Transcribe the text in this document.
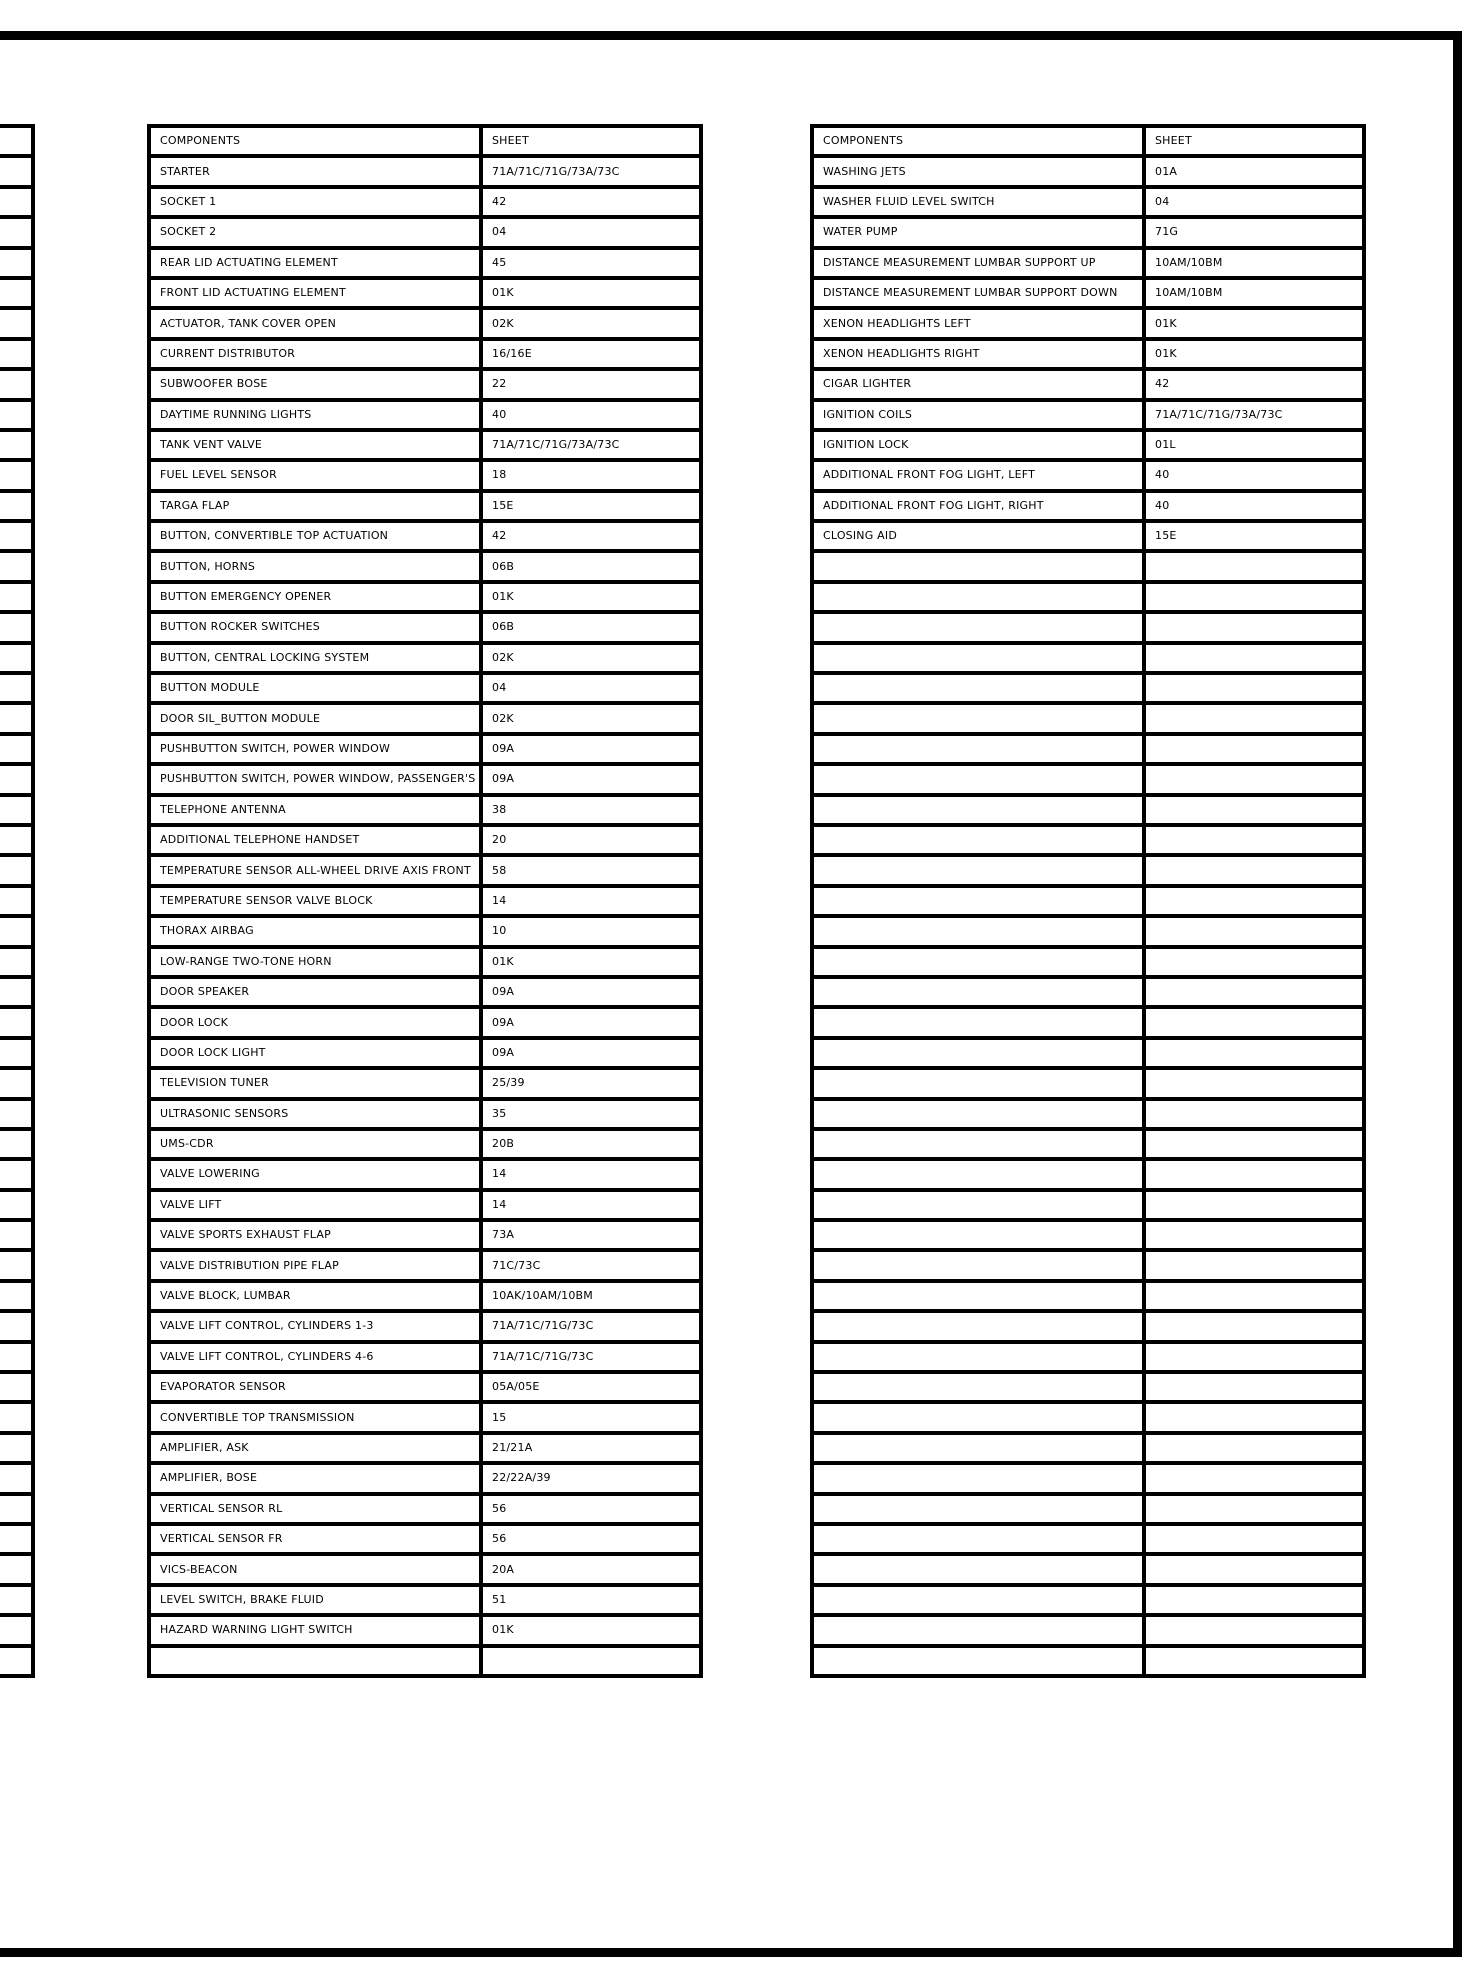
COMPONENTS	SHEET
STARTER	71A/71C/71G/73A/73C
SOCKET 1	42
SOCKET 2	04
REAR LID ACTUATING ELEMENT	45
FRONT LID ACTUATING ELEMENT	01K
ACTUATOR, TANK COVER OPEN	02K
CURRENT DISTRIBUTOR	16/16E
SUBWOOFER BOSE	22
DAYTIME RUNNING LIGHTS	40
TANK VENT VALVE	71A/71C/71G/73A/73C
FUEL LEVEL SENSOR	18
TARGA FLAP	15E
BUTTON, CONVERTIBLE TOP ACTUATION	42
BUTTON, HORNS	06B
BUTTON EMERGENCY OPENER	01K
BUTTON ROCKER SWITCHES	06B
BUTTON, CENTRAL LOCKING SYSTEM	02K
BUTTON MODULE	04
DOOR SIL_BUTTON MODULE	02K
PUSHBUTTON SWITCH, POWER WINDOW	09A
PUSHBUTTON SWITCH, POWER WINDOW, PASSENGER'S	09A
TELEPHONE ANTENNA	38
ADDITIONAL TELEPHONE HANDSET	20
TEMPERATURE SENSOR ALL-WHEEL DRIVE AXIS FRONT	58
TEMPERATURE SENSOR VALVE BLOCK	14
THORAX AIRBAG	10
LOW-RANGE TWO-TONE HORN	01K
DOOR SPEAKER	09A
DOOR LOCK	09A
DOOR LOCK LIGHT	09A
TELEVISION TUNER	25/39
ULTRASONIC SENSORS	35
UMS-CDR	20B
VALVE LOWERING	14
VALVE LIFT	14
VALVE SPORTS EXHAUST FLAP	73A
VALVE DISTRIBUTION PIPE FLAP	71C/73C
VALVE BLOCK, LUMBAR	10AK/10AM/10BM
VALVE LIFT CONTROL, CYLINDERS 1-3	71A/71C/71G/73C
VALVE LIFT CONTROL, CYLINDERS 4-6	71A/71C/71G/73C
EVAPORATOR SENSOR	05A/05E
CONVERTIBLE TOP TRANSMISSION	15
AMPLIFIER, ASK	21/21A
AMPLIFIER, BOSE	22/22A/39
VERTICAL SENSOR RL	56
VERTICAL SENSOR FR	56
VICS-BEACON	20A
LEVEL SWITCH, BRAKE FLUID	51
HAZARD WARNING LIGHT SWITCH	01K

COMPONENTS	SHEET
WASHING JETS	01A
WASHER FLUID LEVEL SWITCH	04
WATER PUMP	71G
DISTANCE MEASUREMENT LUMBAR SUPPORT UP	10AM/10BM
DISTANCE MEASUREMENT LUMBAR SUPPORT DOWN	10AM/10BM
XENON HEADLIGHTS LEFT	01K
XENON HEADLIGHTS RIGHT	01K
CIGAR LIGHTER	42
IGNITION COILS	71A/71C/71G/73A/73C
IGNITION LOCK	01L
ADDITIONAL FRONT FOG LIGHT, LEFT	40
ADDITIONAL FRONT FOG LIGHT, RIGHT	40
CLOSING AID	15E
